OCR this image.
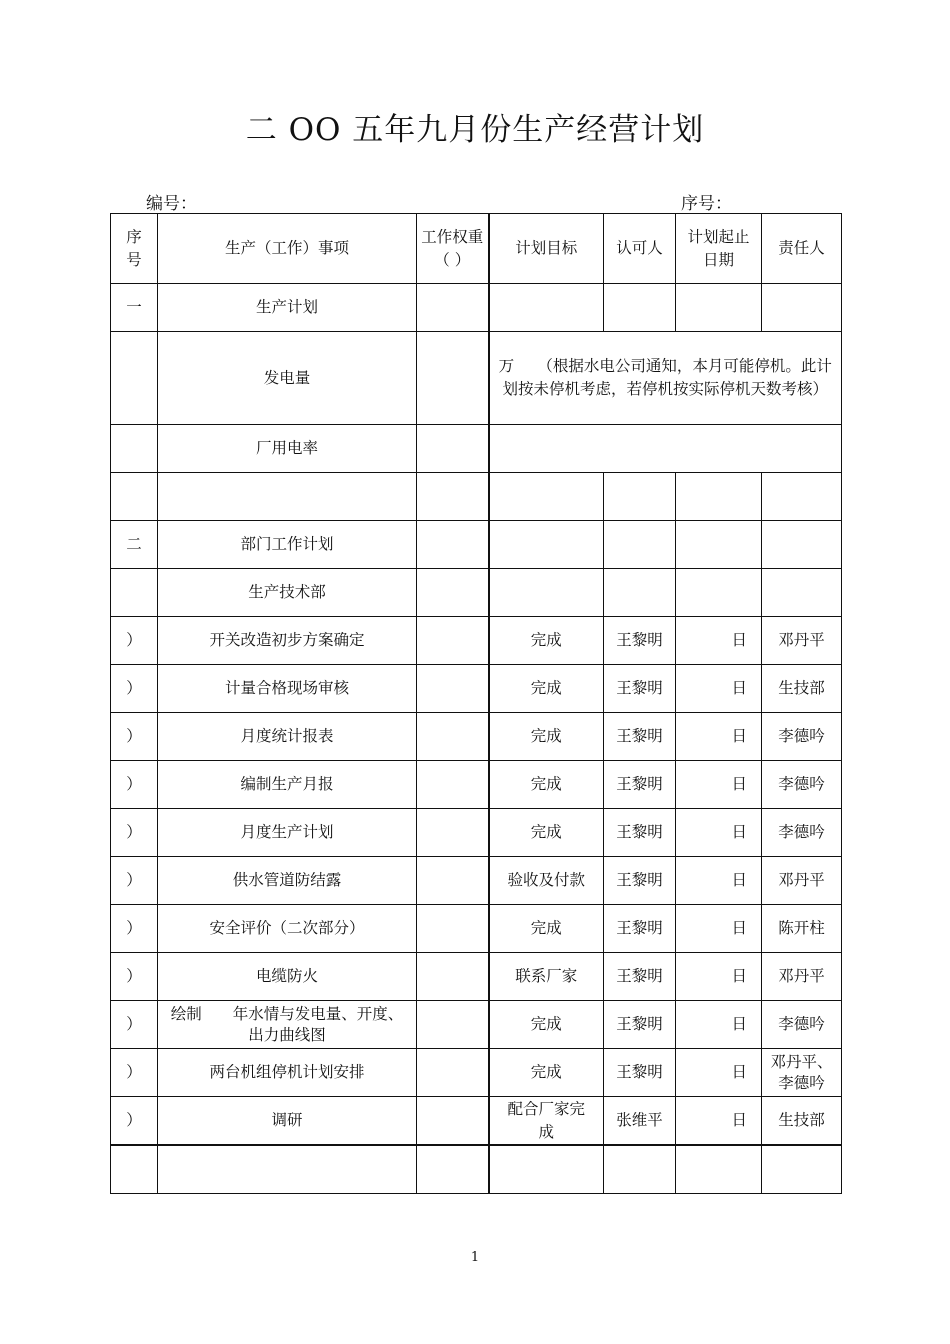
二 OO 五年九月份生产经营计划
编号：	序号：
序号	生产（工作）事项	工作权重（ ）	计划目标	认可人	计划起止日期	责任人
一	生产计划					
	发电量		万　　（根据水电公司通知，本月可能停机。此计划按未停机考虑，若停机按实际停机天数考核）			
	厂用电率					

二	部门工作计划					
	生产技术部					
）	开关改造初步方案确定		完成	王黎明	日	邓丹平
）	计量合格现场审核		完成	王黎明	日	生技部
）	月度统计报表		完成	王黎明	日	李德吟
）	编制生产月报		完成	王黎明	日	李德吟
）	月度生产计划		完成	王黎明	日	李德吟
）	供水管道防结露		验收及付款	王黎明	日	邓丹平
）	安全评价（二次部分）		完成	王黎明	日	陈开柱
）	电缆防火		联系厂家	王黎明	日	邓丹平
）	绘制　　年水情与发电量、开度、出力曲线图		完成	王黎明	日	李德吟
）	两台机组停机计划安排		完成	王黎明	日	邓丹平、李德吟
）	调研		配合厂家完成	张维平	日	生技部

1
